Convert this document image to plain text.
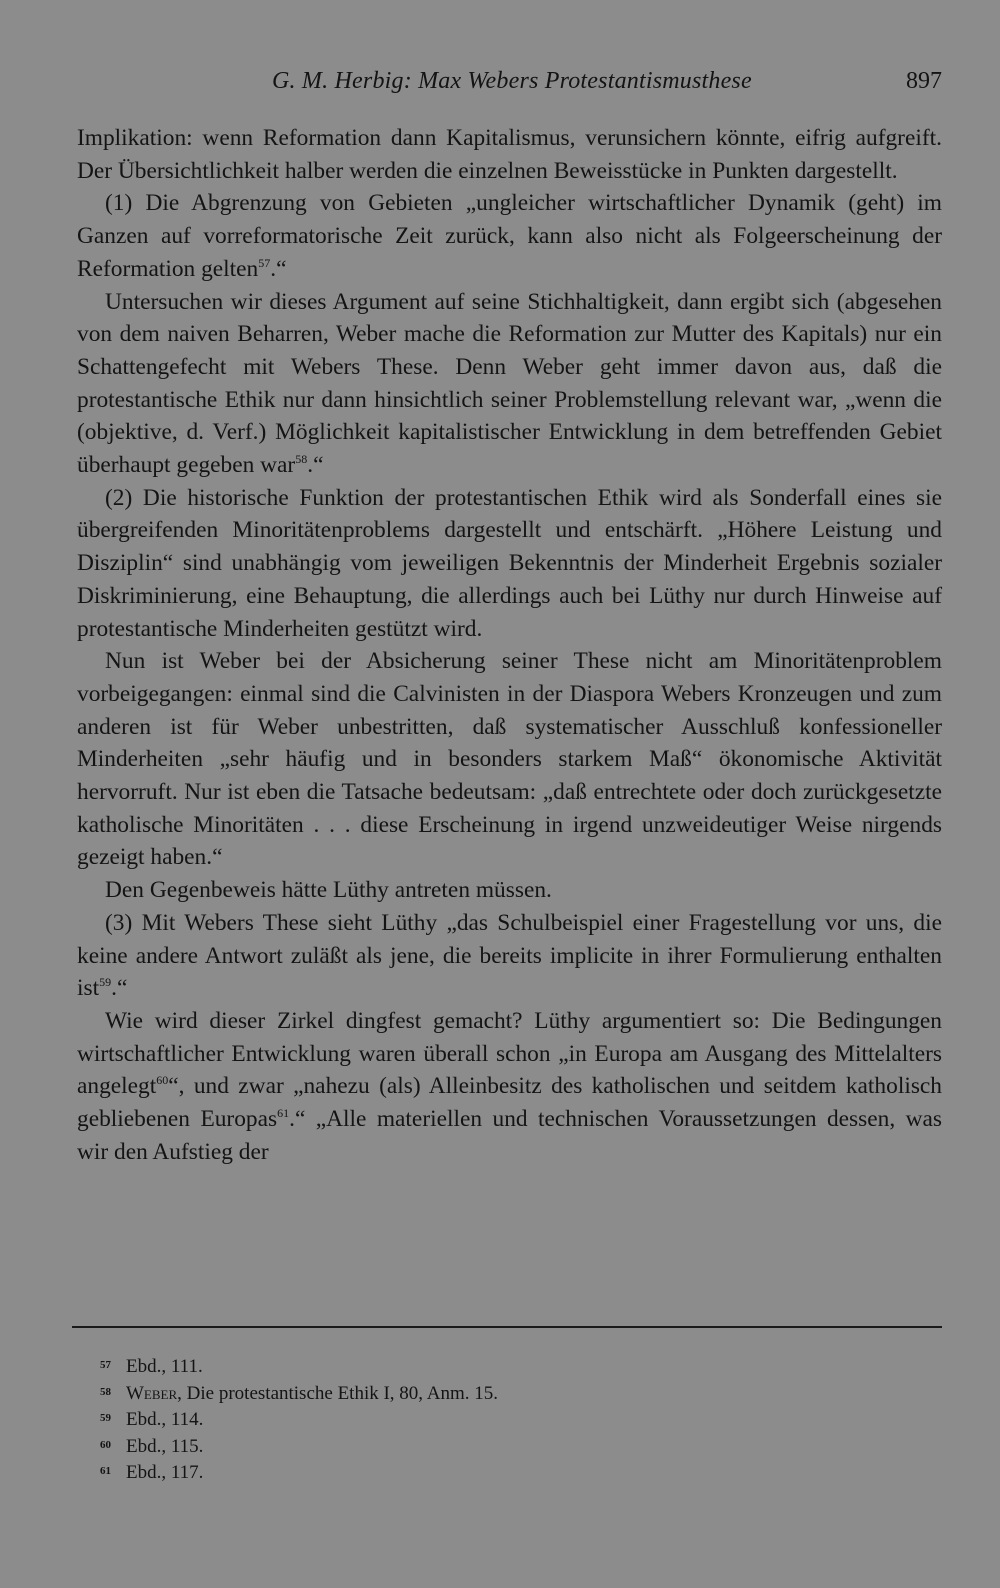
G. M. Herbig: Max Webers Protestantismusthese	897

Implikation: wenn Reformation dann Kapitalismus, verunsichern könnte, eifrig aufgreift. Der Übersichtlichkeit halber werden die einzelnen Beweisstücke in Punkten dargestellt.

(1) Die Abgrenzung von Gebieten „ungleicher wirtschaftlicher Dynamik (geht) im Ganzen auf vorreformatorische Zeit zurück, kann also nicht als Folgeerscheinung der Reformation gelten$^{57}$.“

Untersuchen wir dieses Argument auf seine Stichhaltigkeit, dann ergibt sich (abgesehen von dem naiven Beharren, Weber mache die Reformation zur Mutter des Kapitals) nur ein Schattengefecht mit Webers These. Denn Weber geht immer davon aus, daß die protestantische Ethik nur dann hinsichtlich seiner Problemstellung relevant war, „wenn die (objektive, d. Verf.) Möglichkeit kapitalistischer Entwicklung in dem betreffenden Gebiet überhaupt gegeben war$^{58}$.“

(2) Die historische Funktion der protestantischen Ethik wird als Sonderfall eines sie übergreifenden Minoritätenproblems dargestellt und entschärft. „Höhere Leistung und Disziplin“ sind unabhängig vom jeweiligen Bekenntnis der Minderheit Ergebnis sozialer Diskriminierung, eine Behauptung, die allerdings auch bei Lüthy nur durch Hinweise auf protestantische Minderheiten gestützt wird.

Nun ist Weber bei der Absicherung seiner These nicht am Minoritätenproblem vorbeigegangen: einmal sind die Calvinisten in der Diaspora Webers Kronzeugen und zum anderen ist für Weber unbestritten, daß systematischer Ausschluß konfessioneller Minderheiten „sehr häufig und in besonders starkem Maß“ ökonomische Aktivität hervorruft. Nur ist eben die Tatsache bedeutsam: „daß entrechtete oder doch zurückgesetzte katholische Minoritäten . . . diese Erscheinung in irgend unzweideutiger Weise nirgends gezeigt haben.“

Den Gegenbeweis hätte Lüthy antreten müssen.

(3) Mit Webers These sieht Lüthy „das Schulbeispiel einer Fragestellung vor uns, die keine andere Antwort zuläßt als jene, die bereits implicite in ihrer Formulierung enthalten ist$^{59}$.“

Wie wird dieser Zirkel dingfest gemacht? Lüthy argumentiert so: Die Bedingungen wirtschaftlicher Entwicklung waren überall schon „in Europa am Ausgang des Mittelalters angelegt$^{60}$“, und zwar „nahezu (als) Alleinbesitz des katholischen und seitdem katholisch gebliebenen Europas$^{61}$.“ „Alle materiellen und technischen Voraussetzungen dessen, was wir den Aufstieg der

57 Ebd., 111.
58 Weber, Die protestantische Ethik I, 80, Anm. 15.
59 Ebd., 114.
60 Ebd., 115.
61 Ebd., 117.
